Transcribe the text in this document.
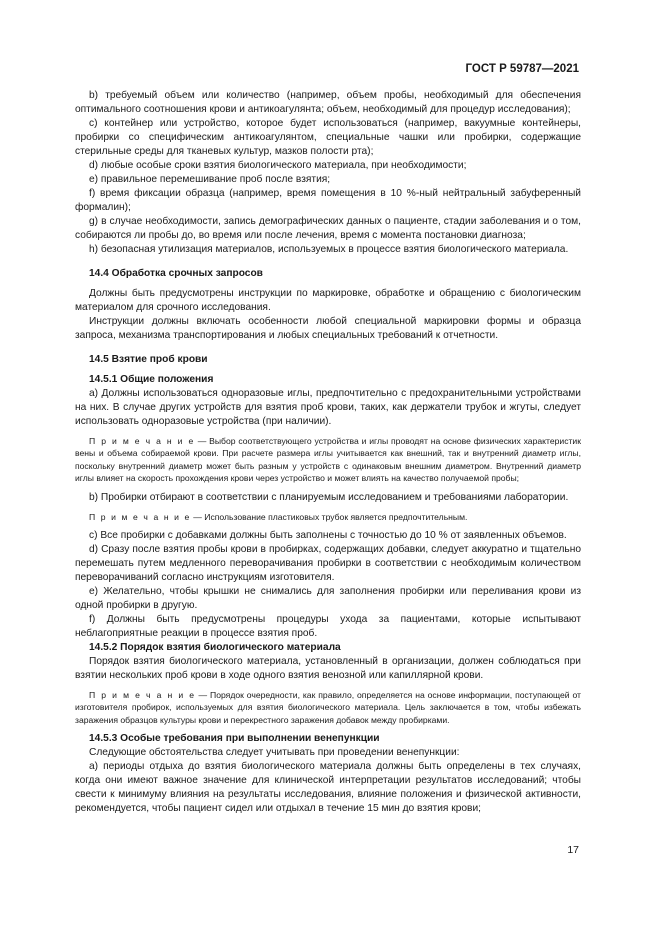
ГОСТ Р 59787—2021

b) требуемый объем или количество (например, объем пробы, необходимый для обеспечения оптимального соотношения крови и антикоагулянта; объем, необходимый для процедур исследования);

c) контейнер или устройство, которое будет использоваться (например, вакуумные контейнеры, пробирки со специфическим антикоагулянтом, специальные чашки или пробирки, содержащие стерильные среды для тканевых культур, мазков полости рта);

d) любые особые сроки взятия биологического материала, при необходимости;

e) правильное перемешивание проб после взятия;

f) время фиксации образца (например, время помещения в 10 %-ный нейтральный забуференный формалин);

g) в случае необходимости, запись демографических данных о пациенте, стадии заболевания и о том, собираются ли пробы до, во время или после лечения, время с момента постановки диагноза;

h) безопасная утилизация материалов, используемых в процессе взятия биологического материала.

14.4 Обработка срочных запросов

Должны быть предусмотрены инструкции по маркировке, обработке и обращению с биологическим материалом для срочного исследования.

Инструкции должны включать особенности любой специальной маркировки формы и образца запроса, механизма транспортирования и любых специальных требований к отчетности.

14.5 Взятие проб крови

14.5.1 Общие положения

a) Должны использоваться одноразовые иглы, предпочтительно с предохранительными устройствами на них. В случае других устройств для взятия проб крови, таких, как держатели трубок и жгуты, следует использовать одноразовые устройства (при наличии).

П р и м е ч а н и е — Выбор соответствующего устройства и иглы проводят на основе физических характеристик вены и объема собираемой крови. При расчете размера иглы учитывается как внешний, так и внутренний диаметр иглы, поскольку внутренний диаметр может быть разным у устройств с одинаковым внешним диаметром. Внутренний диаметр иглы влияет на скорость прохождения крови через устройство и может влиять на качество получаемой пробы;

b) Пробирки отбирают в соответствии с планируемым исследованием и требованиями лаборатории.

П р и м е ч а н и е — Использование пластиковых трубок является предпочтительным.

c) Все пробирки с добавками должны быть заполнены с точностью до 10 % от заявленных объемов.

d) Сразу после взятия пробы крови в пробирках, содержащих добавки, следует аккуратно и тщательно перемешать путем медленного переворачивания пробирки в соответствии с необходимым количеством переворачиваний согласно инструкциям изготовителя.

e) Желательно, чтобы крышки не снимались для заполнения пробирки или переливания крови из одной пробирки в другую.

f) Должны быть предусмотрены процедуры ухода за пациентами, которые испытывают неблагоприятные реакции в процессе взятия проб.

14.5.2 Порядок взятия биологического материала

Порядок взятия биологического материала, установленный в организации, должен соблюдаться при взятии нескольких проб крови в ходе одного взятия венозной или капиллярной крови.

П р и м е ч а н и е — Порядок очередности, как правило, определяется на основе информации, поступающей от изготовителя пробирок, используемых для взятия биологического материала. Цель заключается в том, чтобы избежать заражения образцов культуры крови и перекрестного заражения добавок между пробирками.

14.5.3 Особые требования при выполнении венепункции

Следующие обстоятельства следует учитывать при проведении венепункции:

a) периоды отдыха до взятия биологического материала должны быть определены в тех случаях, когда они имеют важное значение для клинической интерпретации результатов исследований; чтобы свести к минимуму влияния на результаты исследования, влияние положения и физической активности, рекомендуется, чтобы пациент сидел или отдыхал в течение 15 мин до взятия крови;

17
